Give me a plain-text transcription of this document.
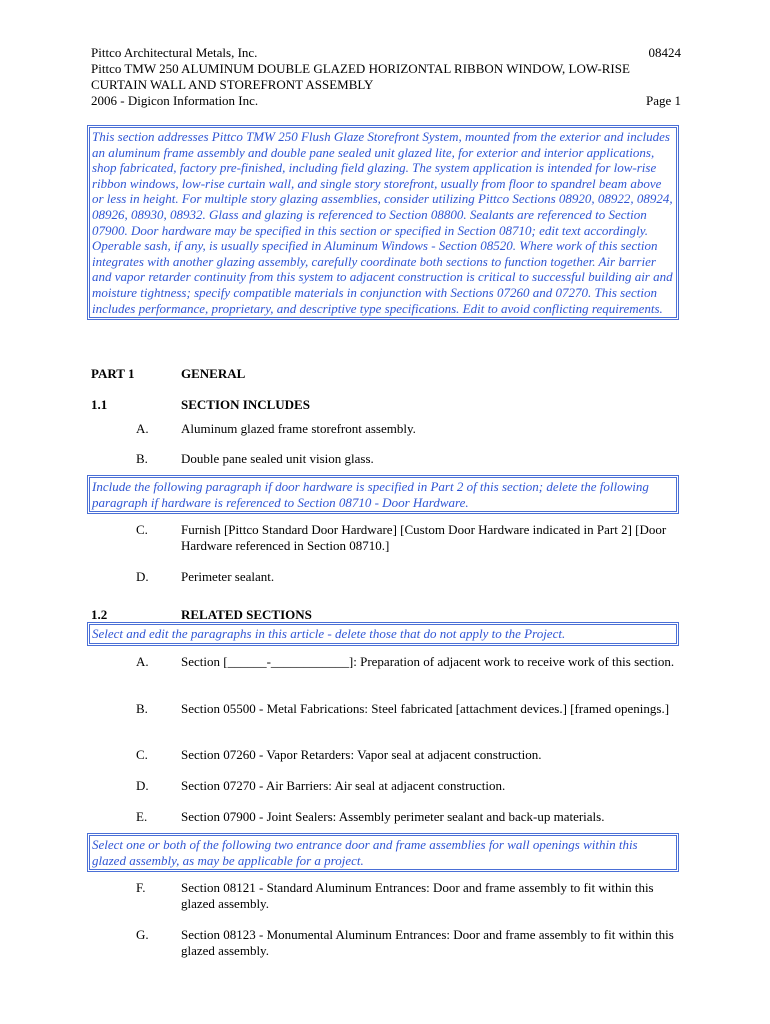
Pittco Architectural Metals, Inc.	08424
Pittco TMW 250 ALUMINUM DOUBLE GLAZED HORIZONTAL RIBBON WINDOW, LOW-RISE
CURTAIN WALL AND STOREFRONT ASSEMBLY
2006 - Digicon Information Inc.	Page 1
This section addresses Pittco TMW 250 Flush Glaze Storefront System, mounted from the exterior and includes an aluminum frame assembly and double pane sealed unit glazed lite, for exterior and interior applications, shop fabricated, factory pre-finished, including field glazing. The system application is intended for low-rise ribbon windows, low-rise curtain wall, and single story storefront, usually from floor to spandrel beam above or less in height. For multiple story glazing assemblies, consider utilizing Pittco Sections 08920, 08922, 08924, 08926, 08930, 08932. Glass and glazing is referenced to Section 08800. Sealants are referenced to Section 07900. Door hardware may be specified in this section or specified in Section 08710; edit text accordingly. Operable sash, if any, is usually specified in Aluminum Windows - Section 08520. Where work of this section integrates with another glazing assembly, carefully coordinate both sections to function together. Air barrier and vapor retarder continuity from this system to adjacent construction is critical to successful building air and moisture tightness; specify compatible materials in conjunction with Sections 07260 and 07270. This section includes performance, proprietary, and descriptive type specifications. Edit to avoid conflicting requirements.
PART 1	GENERAL
1.1	SECTION INCLUDES
A. Aluminum glazed frame storefront assembly.
B.	Double pane sealed unit vision glass.
Include the following paragraph if door hardware is specified in Part 2 of this section; delete the following paragraph if hardware is referenced to Section 08710 - Door Hardware.
C.	Furnish [Pittco Standard Door Hardware] [Custom Door Hardware indicated in Part 2] [Door Hardware referenced in Section 08710.]
D. Perimeter sealant.
1.2	RELATED SECTIONS
Select and edit the paragraphs in this article - delete those that do not apply to the Project.
A. Section [______-____________]: Preparation of adjacent work to receive work of this section.
B.	Section 05500 - Metal Fabrications: Steel fabricated [attachment devices.] [framed openings.]
C.	Section 07260 - Vapor Retarders: Vapor seal at adjacent construction.
D. Section 07270 - Air Barriers: Air seal at adjacent construction.
E.	Section 07900 - Joint Sealers: Assembly perimeter sealant and back-up materials.
Select one or both of the following two entrance door and frame assemblies for wall openings within this glazed assembly, as may be applicable for a project.
F.	Section 08121 - Standard Aluminum Entrances: Door and frame assembly to fit within this glazed assembly.
G. Section 08123 - Monumental Aluminum Entrances: Door and frame assembly to fit within this glazed assembly.
